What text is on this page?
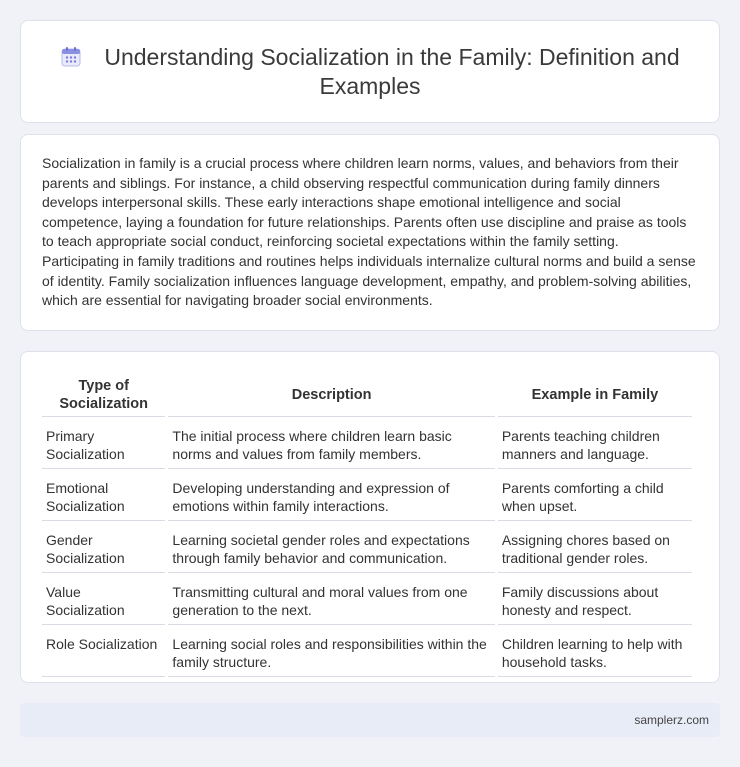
Understanding Socialization in the Family: Definition and Examples

Socialization in family is a crucial process where children learn norms, values, and behaviors from their parents and siblings. For instance, a child observing respectful communication during family dinners develops interpersonal skills. These early interactions shape emotional intelligence and social competence, laying a foundation for future relationships. Parents often use discipline and praise as tools to teach appropriate social conduct, reinforcing societal expectations within the family setting. Participating in family traditions and routines helps individuals internalize cultural norms and build a sense of identity. Family socialization influences language development, empathy, and problem-solving abilities, which are essential for navigating broader social environments.

Type of Socialization	Description	Example in Family
Primary Socialization	The initial process where children learn basic norms and values from family members.	Parents teaching children manners and language.
Emotional Socialization	Developing understanding and expression of emotions within family interactions.	Parents comforting a child when upset.
Gender Socialization	Learning societal gender roles and expectations through family behavior and communication.	Assigning chores based on traditional gender roles.
Value Socialization	Transmitting cultural and moral values from one generation to the next.	Family discussions about honesty and respect.
Role Socialization	Learning social roles and responsibilities within the family structure.	Children learning to help with household tasks.
samplerz.com
